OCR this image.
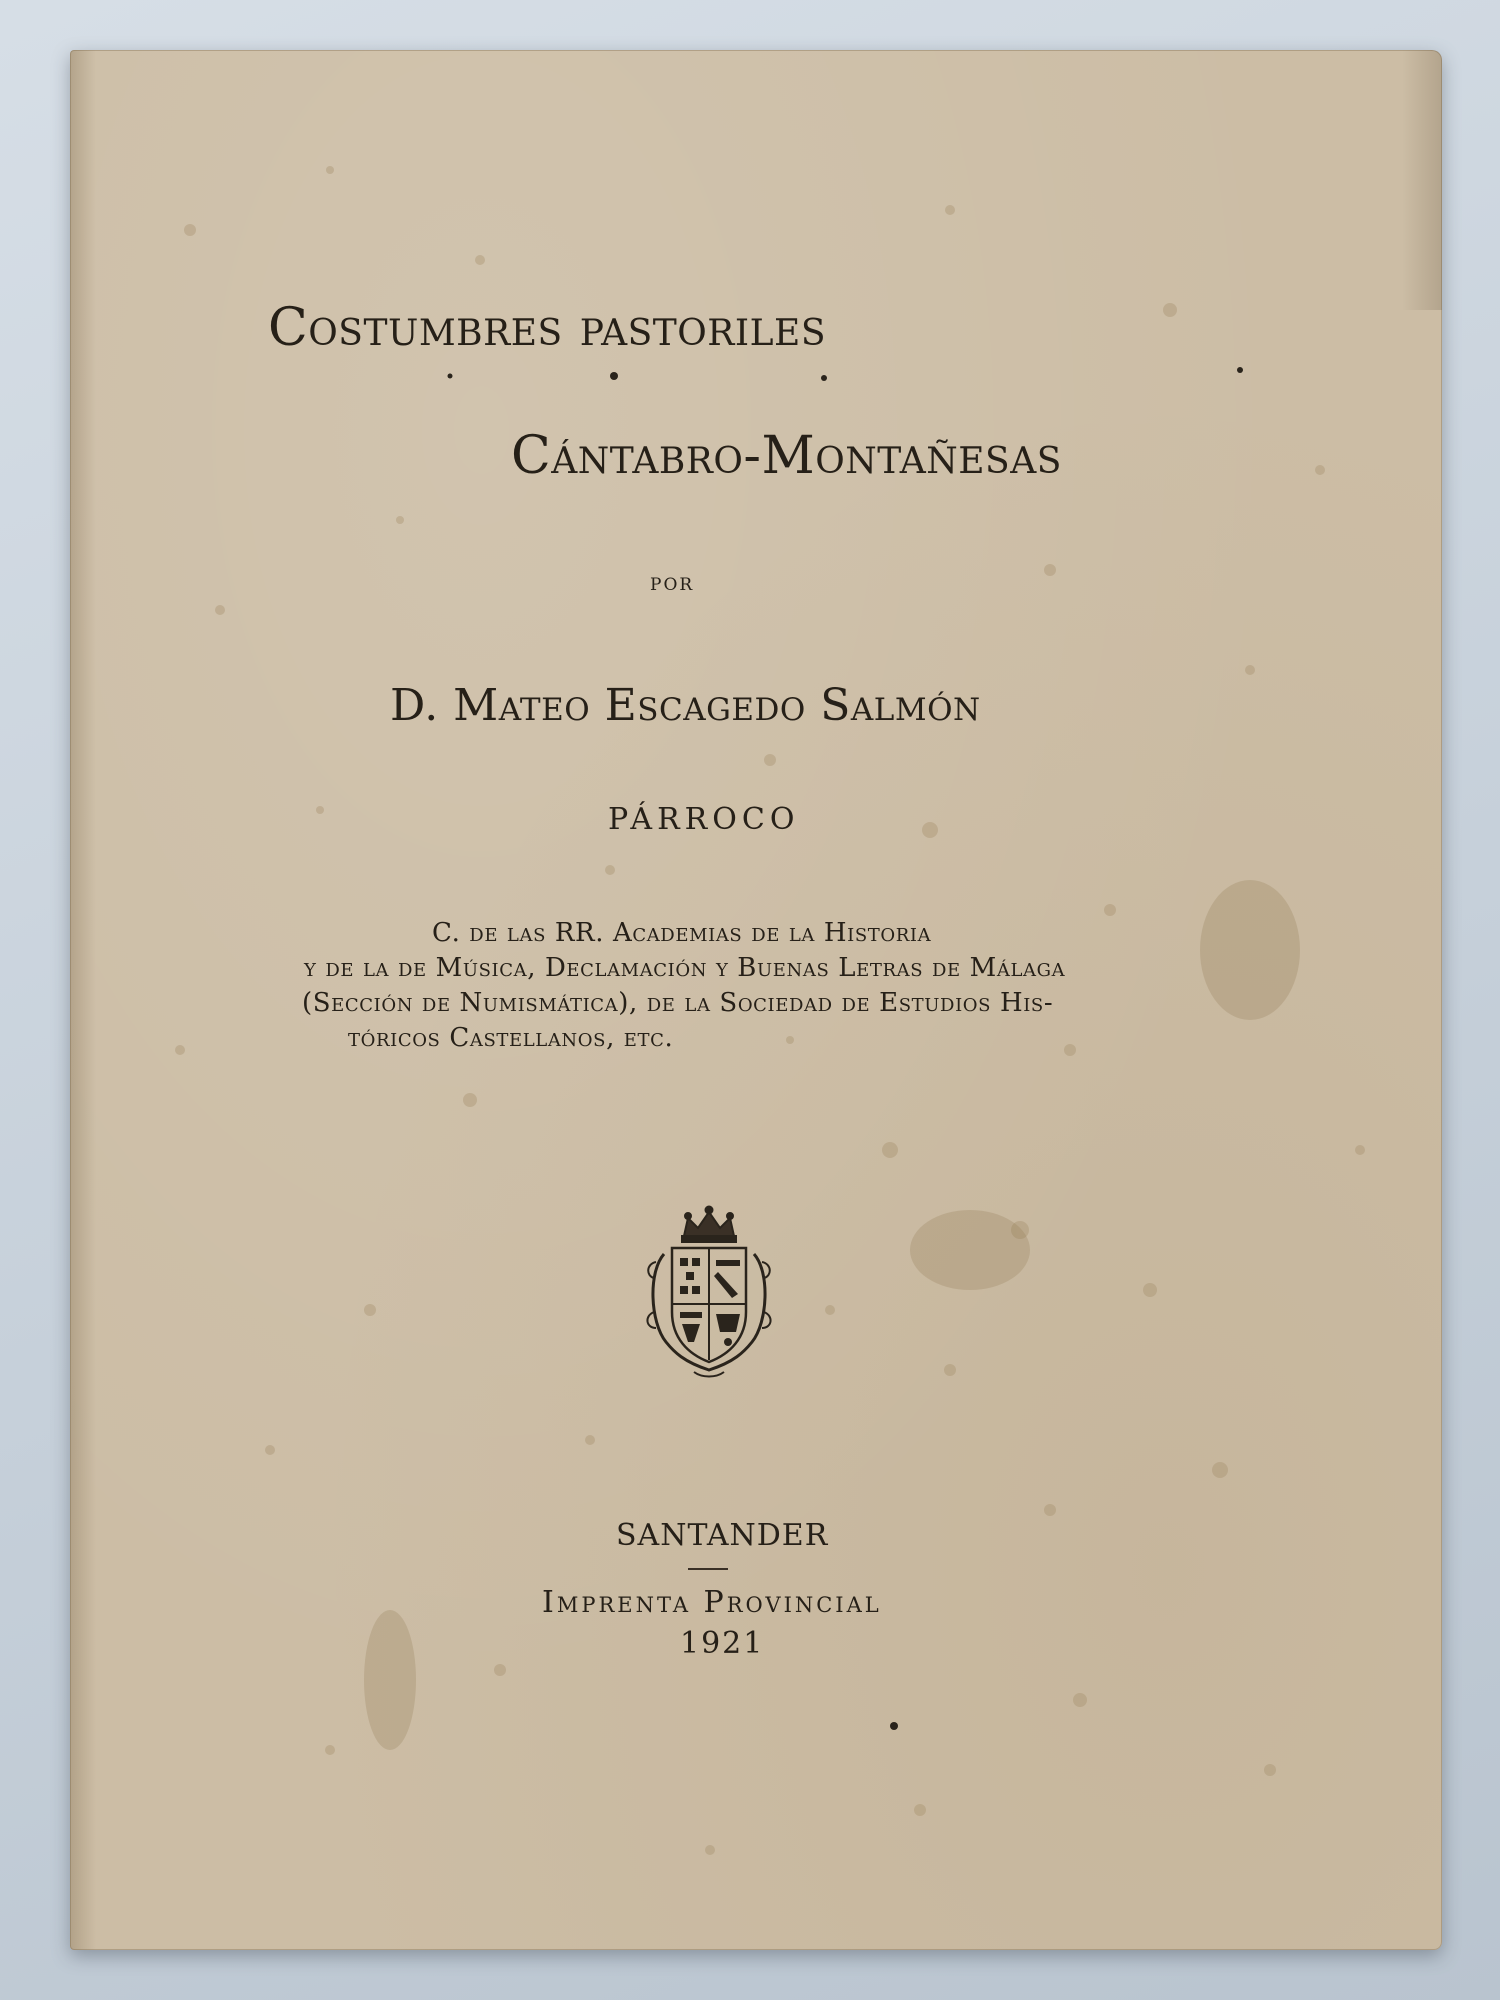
Costumbres pastoriles
Cántabro-Montañesas
por
D. Mateo Escagedo Salmón
PÁRROCO
C. de las RR. Academias de la Historia
y de la de Música, Declamación y Buenas Letras de Málaga
(Sección de Numismática), de la Sociedad de Estudios His-
tóricos Castellanos, etc.
SANTANDER
Imprenta Provincial
1921
